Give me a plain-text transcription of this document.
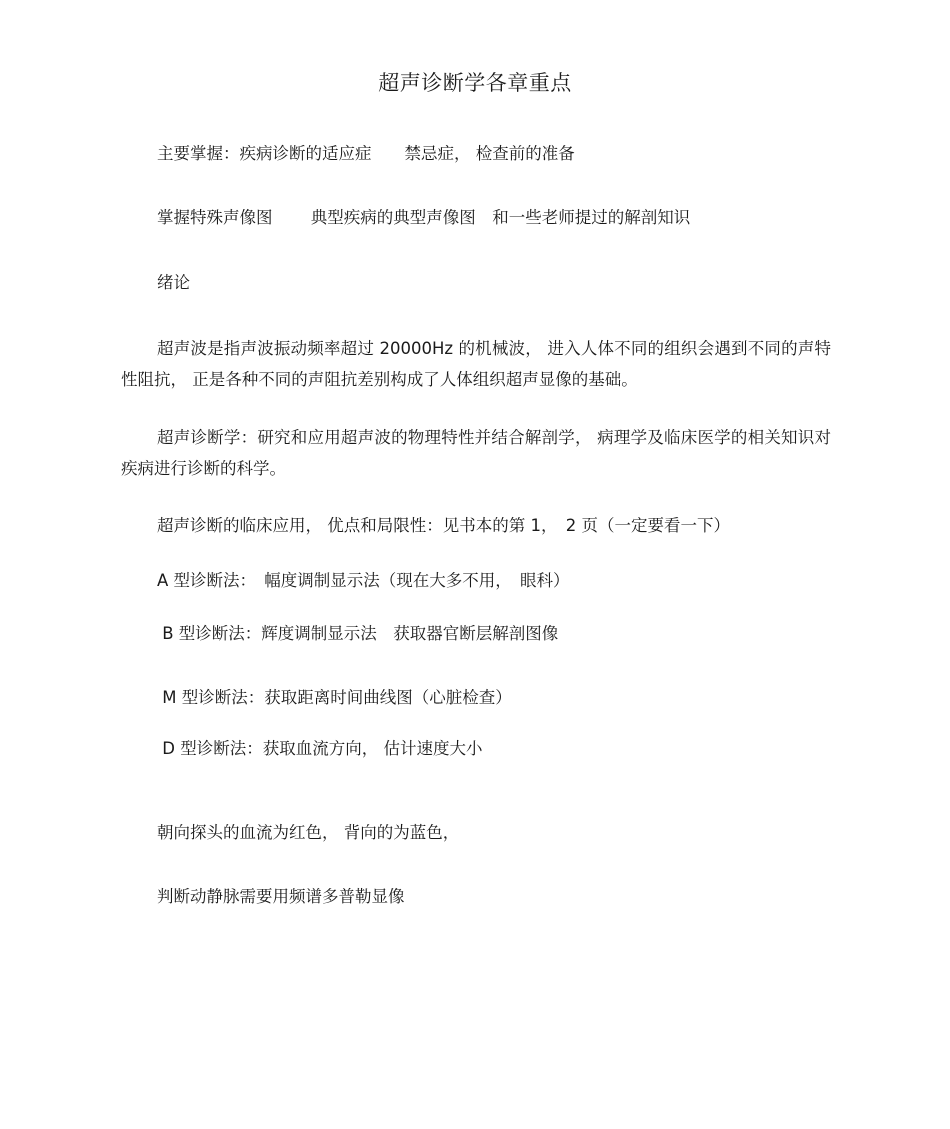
超声诊断学各章重点
主要掌握：疾病诊断的适应症　　禁忌症， 检查前的准备
掌握特殊声像图　　 典型疾病的典型声像图　和一些老师提过的解剖知识
绪论
超声波是指声波振动频率超过 20000Hz 的机械波， 进入人体不同的组织会遇到不同的声特性阻抗， 正是各种不同的声阻抗差别构成了人体组织超声显像的基础。
超声诊断学：研究和应用超声波的物理特性并结合解剖学， 病理学及临床医学的相关知识对疾病进行诊断的科学。
超声诊断的临床应用， 优点和局限性：见书本的第 1，　2 页（一定要看一下）
A 型诊断法：　幅度调制显示法（现在大多不用，　眼科）
B 型诊断法：辉度调制显示法　获取器官断层解剖图像
M 型诊断法：获取距离时间曲线图（心脏检查）
D 型诊断法：获取血流方向， 估计速度大小
朝向探头的血流为红色， 背向的为蓝色，
判断动静脉需要用频谱多普勒显像
